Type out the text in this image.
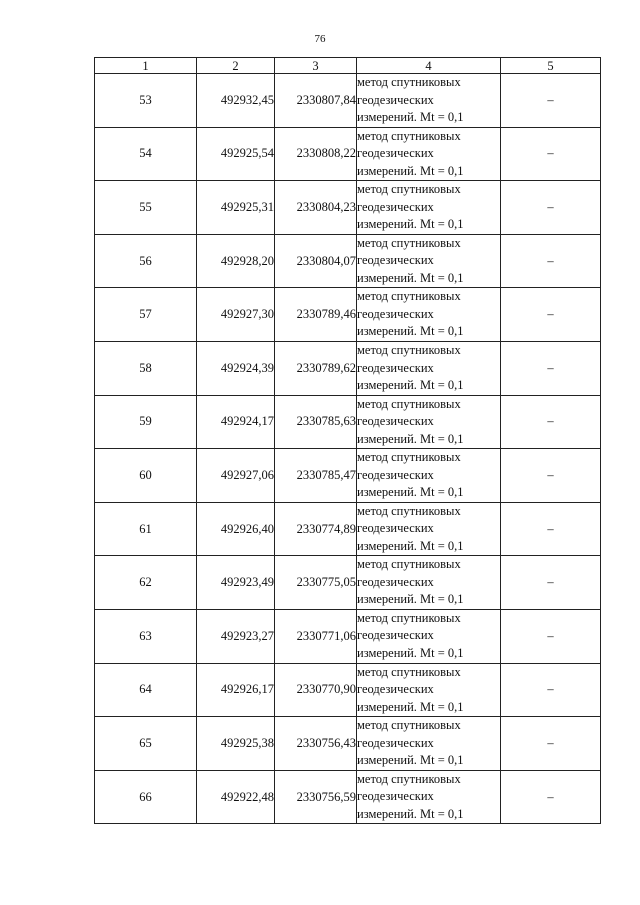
76
1	2	3	4	5
53	492932,45	2330807,84	метод спутниковых
геодезических
измерений. Mt = 0,1	–
54	492925,54	2330808,22	метод спутниковых
геодезических
измерений. Mt = 0,1	–
55	492925,31	2330804,23	метод спутниковых
геодезических
измерений. Mt = 0,1	–
56	492928,20	2330804,07	метод спутниковых
геодезических
измерений. Mt = 0,1	–
57	492927,30	2330789,46	метод спутниковых
геодезических
измерений. Mt = 0,1	–
58	492924,39	2330789,62	метод спутниковых
геодезических
измерений. Mt = 0,1	–
59	492924,17	2330785,63	метод спутниковых
геодезических
измерений. Mt = 0,1	–
60	492927,06	2330785,47	метод спутниковых
геодезических
измерений. Mt = 0,1	–
61	492926,40	2330774,89	метод спутниковых
геодезических
измерений. Mt = 0,1	–
62	492923,49	2330775,05	метод спутниковых
геодезических
измерений. Mt = 0,1	–
63	492923,27	2330771,06	метод спутниковых
геодезических
измерений. Mt = 0,1	–
64	492926,17	2330770,90	метод спутниковых
геодезических
измерений. Mt = 0,1	–
65	492925,38	2330756,43	метод спутниковых
геодезических
измерений. Mt = 0,1	–
66	492922,48	2330756,59	метод спутниковых
геодезических
измерений. Mt = 0,1	–
